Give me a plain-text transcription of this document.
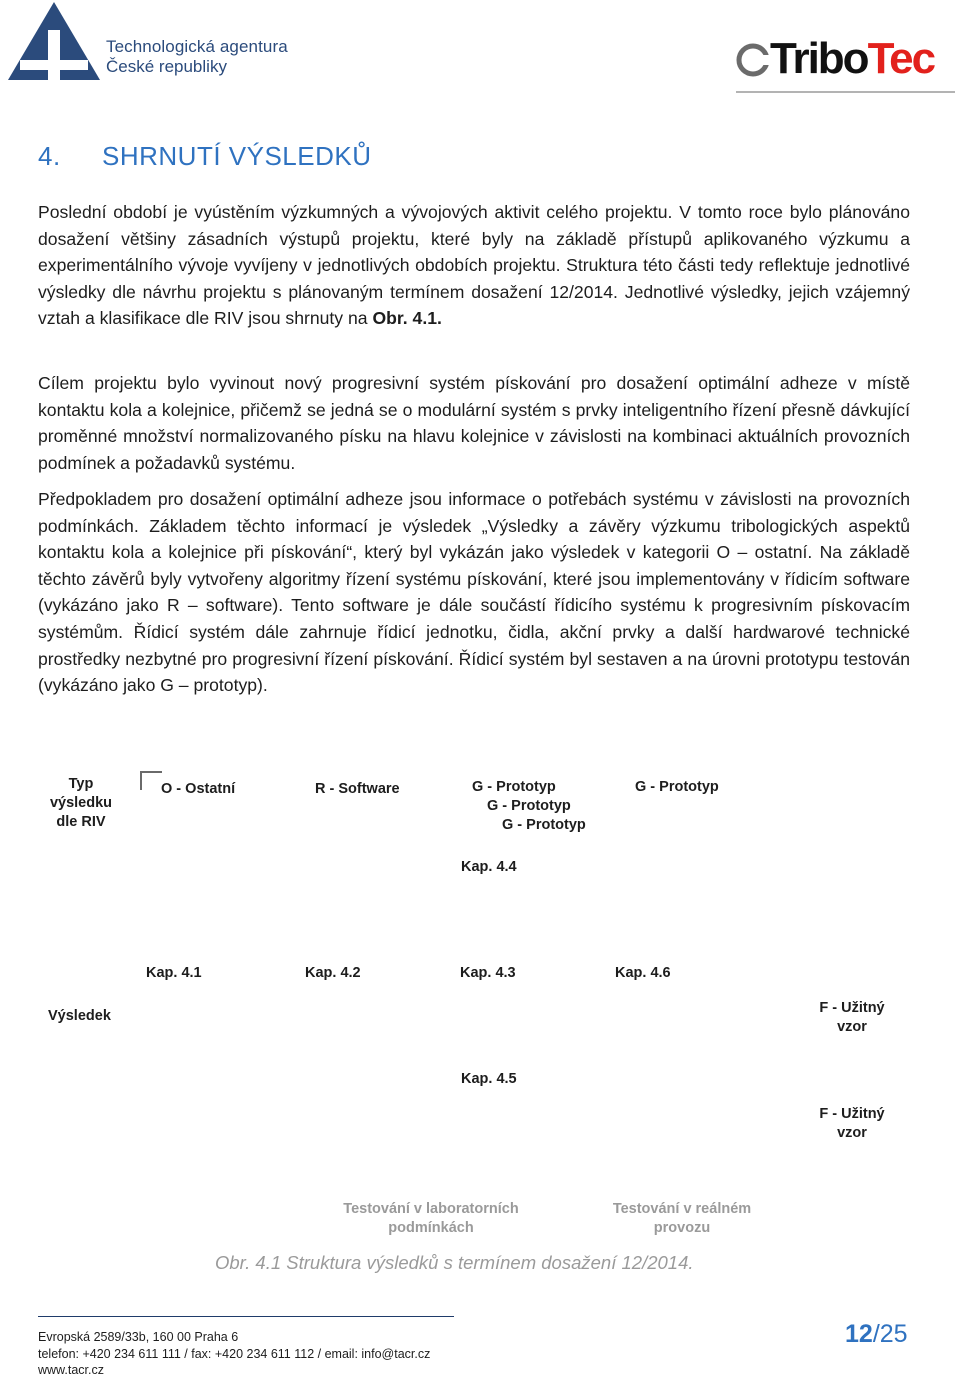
Technologická agentura
České republiky	TriboTec
4. SHRNUTÍ VÝSLEDKŮ

Poslední období je vyústěním výzkumných a vývojových aktivit celého projektu. V tomto roce bylo plánováno dosažení většiny zásadních výstupů projektu, které byly na základě přístupů aplikovaného výzkumu a experimentálního vývoje vyvíjeny v jednotlivých obdobích projektu. Struktura této části tedy reflektuje jednotlivé výsledky dle návrhu projektu s plánovaným termínem dosažení 12/2014. Jednotlivé výsledky, jejich vzájemný vztah a klasifikace dle RIV jsou shrnuty na Obr. 4.1.

Cílem projektu bylo vyvinout nový progresivní systém pískování pro dosažení optimální adheze v místě kontaktu kola a kolejnice, přičemž se jedná se o modulární systém s prvky inteligentního řízení přesně dávkující proměnné množství normalizovaného písku na hlavu kolejnice v závislosti na kombinaci aktuálních provozních podmínek a požadavků systému.

Předpokladem pro dosažení optimální adheze jsou informace o potřebách systému v závislosti na provozních podmínkách. Základem těchto informací je výsledek „Výsledky a závěry výzkumu tribologických aspektů kontaktu kola a kolejnice při pískování“, který byl vykázán jako výsledek v kategorii O – ostatní. Na základě těchto závěrů byly vytvořeny algoritmy řízení systému pískování, které jsou implementovány v řídicím software (vykázáno jako R – software). Tento software je dále součástí řídicího systému k progresivním pískovacím systémům. Řídicí systém dále zahrnuje řídicí jednotku, čidla, akční prvky a další hardwarové technické prostředky nezbytné pro progresivní řízení pískování. Řídicí systém byl sestaven a na úrovni prototypu testován (vykázáno jako G – prototyp).

Typ
výsledku
dle RIV
O - Ostatní	R - Software	G - Prototyp
G - Prototyp
G - Prototyp
G - Prototyp
Kap. 4.4
Kap. 4.1	Kap. 4.2	Kap. 4.3	Kap. 4.6
Výsledek	F - Užitný
vzor
Kap. 4.5
F - Užitný
vzor
Testování v laboratorních
podmínkách
Testování v reálném
provozu
Obr. 4.1 Struktura výsledků s termínem dosažení 12/2014.
Evropská 2589/33b, 160 00 Praha 6
telefon: +420 234 611 111 / fax: +420 234 611 112 / email: info@tacr.cz
www.tacr.cz
12/25
